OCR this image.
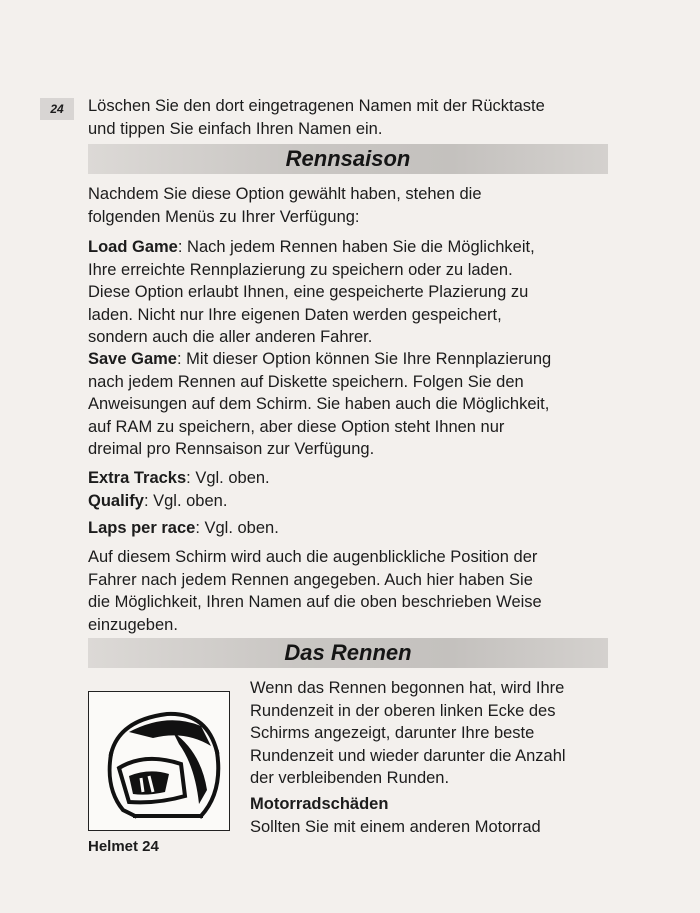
24	Löschen Sie den dort eingetragenen Namen mit der Rücktaste
und tippen Sie einfach Ihren Namen ein.

Rennsaison

Nachdem Sie diese Option gewählt haben, stehen die
folgenden Menüs zu Ihrer Verfügung:

Load Game: Nach jedem Rennen haben Sie die Möglichkeit,
Ihre erreichte Rennplazierung zu speichern oder zu laden.
Diese Option erlaubt Ihnen, eine gespeicherte Plazierung zu
laden. Nicht nur Ihre eigenen Daten werden gespeichert,
sondern auch die aller anderen Fahrer.

Save Game: Mit dieser Option können Sie Ihre Rennplazierung
nach jedem Rennen auf Diskette speichern. Folgen Sie den
Anweisungen auf dem Schirm. Sie haben auch die Möglichkeit,
auf RAM zu speichern, aber diese Option steht Ihnen nur
dreimal pro Rennsaison zur Verfügung.

Extra Tracks: Vgl. oben.
Qualify: Vgl. oben.

Laps per race: Vgl. oben.

Auf diesem Schirm wird auch die augenblickliche Position der
Fahrer nach jedem Rennen angegeben. Auch hier haben Sie
die Möglichkeit, Ihren Namen auf die oben beschrieben Weise
einzugeben.

Das Rennen
Helmet 24

Wenn das Rennen begonnen hat, wird Ihre
Rundenzeit in der oberen linken Ecke des
Schirms angezeigt, darunter Ihre beste
Rundenzeit und wieder darunter die Anzahl
der verbleibenden Runden.

Motorradschäden
Sollten Sie mit einem anderen Motorrad
